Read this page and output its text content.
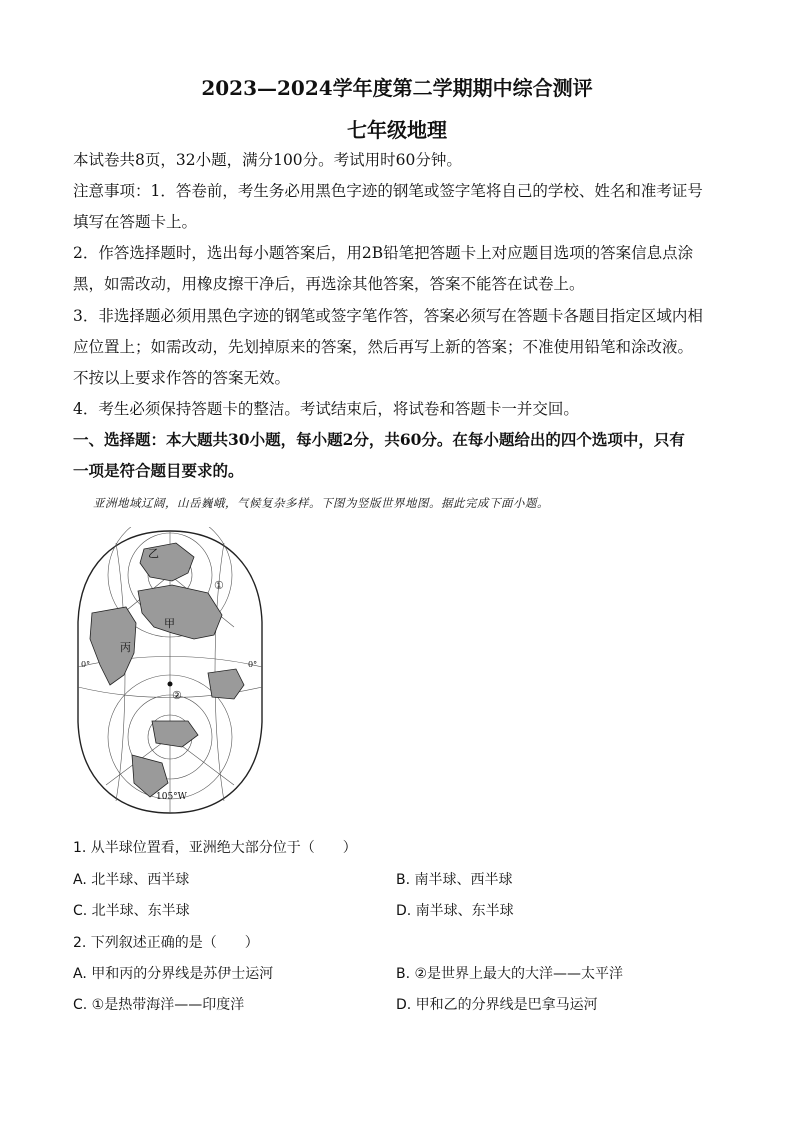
2023—2024学年度第二学期期中综合测评
七年级地理
本试卷共8页，32小题，满分100分。考试用时60分钟。
注意事项：1．答卷前，考生务必用黑色字迹的钢笔或签字笔将自己的学校、姓名和准考证号
填写在答题卡上。
2．作答选择题时，选出每小题答案后，用2B铅笔把答题卡上对应题目选项的答案信息点涂
黑，如需改动，用橡皮擦干净后，再选涂其他答案，答案不能答在试卷上。
3．非选择题必须用黑色字迹的钢笔或签字笔作答，答案必须写在答题卡各题目指定区域内相
应位置上；如需改动，先划掉原来的答案，然后再写上新的答案；不准使用铅笔和涂改液。
不按以上要求作答的答案无效。
4．考生必须保持答题卡的整洁。考试结束后，将试卷和答题卡一并交回。
一、选择题：本大题共30小题，每小题2分，共60分。在每小题给出的四个选项中，只有
一项是符合题目要求的。
亚洲地域辽阔，山岳巍峨，气候复杂多样。下图为竖版世界地图。据此完成下面小题。
乙
甲
丙
①
②
0°	0°
105°W
1. 从半球位置看，亚洲绝大部分位于（　　）
A. 北半球、西半球	B. 南半球、西半球
C. 北半球、东半球	D. 南半球、东半球
2. 下列叙述正确的是（　　）
A. 甲和丙的分界线是苏伊士运河	B. ②是世界上最大的大洋——太平洋
C. ①是热带海洋——印度洋	D. 甲和乙的分界线是巴拿马运河
